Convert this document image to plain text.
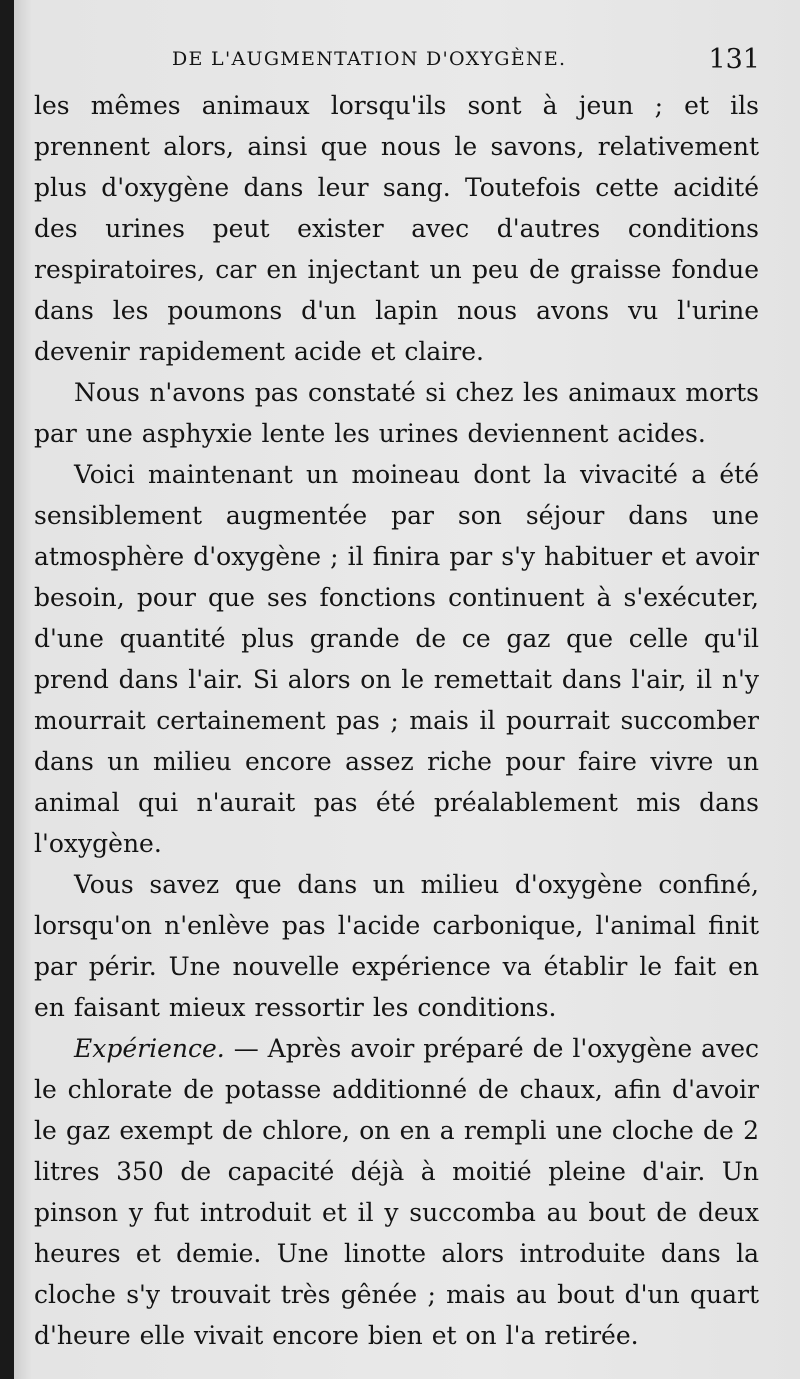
DE L'AUGMENTATION D'OXYGÈNE.	131

les mêmes animaux lorsqu'ils sont à jeun ; et ils prennent alors, ainsi que nous le savons, relativement plus d'oxygène dans leur sang. Toutefois cette acidité des urines peut exister avec d'autres conditions respiratoires, car en injectant un peu de graisse fondue dans les poumons d'un lapin nous avons vu l'urine devenir rapidement acide et claire.

Nous n'avons pas constaté si chez les animaux morts par une asphyxie lente les urines deviennent acides.

Voici maintenant un moineau dont la vivacité a été sensiblement augmentée par son séjour dans une atmosphère d'oxygène ; il finira par s'y habituer et avoir besoin, pour que ses fonctions continuent à s'exécuter, d'une quantité plus grande de ce gaz que celle qu'il prend dans l'air. Si alors on le remettait dans l'air, il n'y mourrait certainement pas ; mais il pourrait succomber dans un milieu encore assez riche pour faire vivre un animal qui n'aurait pas été préalablement mis dans l'oxygène.

Vous savez que dans un milieu d'oxygène confiné, lorsqu'on n'enlève pas l'acide carbonique, l'animal finit par périr. Une nouvelle expérience va établir le fait en en faisant mieux ressortir les conditions.

Expérience. — Après avoir préparé de l'oxygène avec le chlorate de potasse additionné de chaux, afin d'avoir le gaz exempt de chlore, on en a rempli une cloche de 2 litres 350 de capacité déjà à moitié pleine d'air. Un pinson y fut introduit et il y succomba au bout de deux heures et demie. Une linotte alors introduite dans la cloche s'y trouvait très gênée ; mais au bout d'un quart d'heure elle vivait encore bien et on l'a retirée.
